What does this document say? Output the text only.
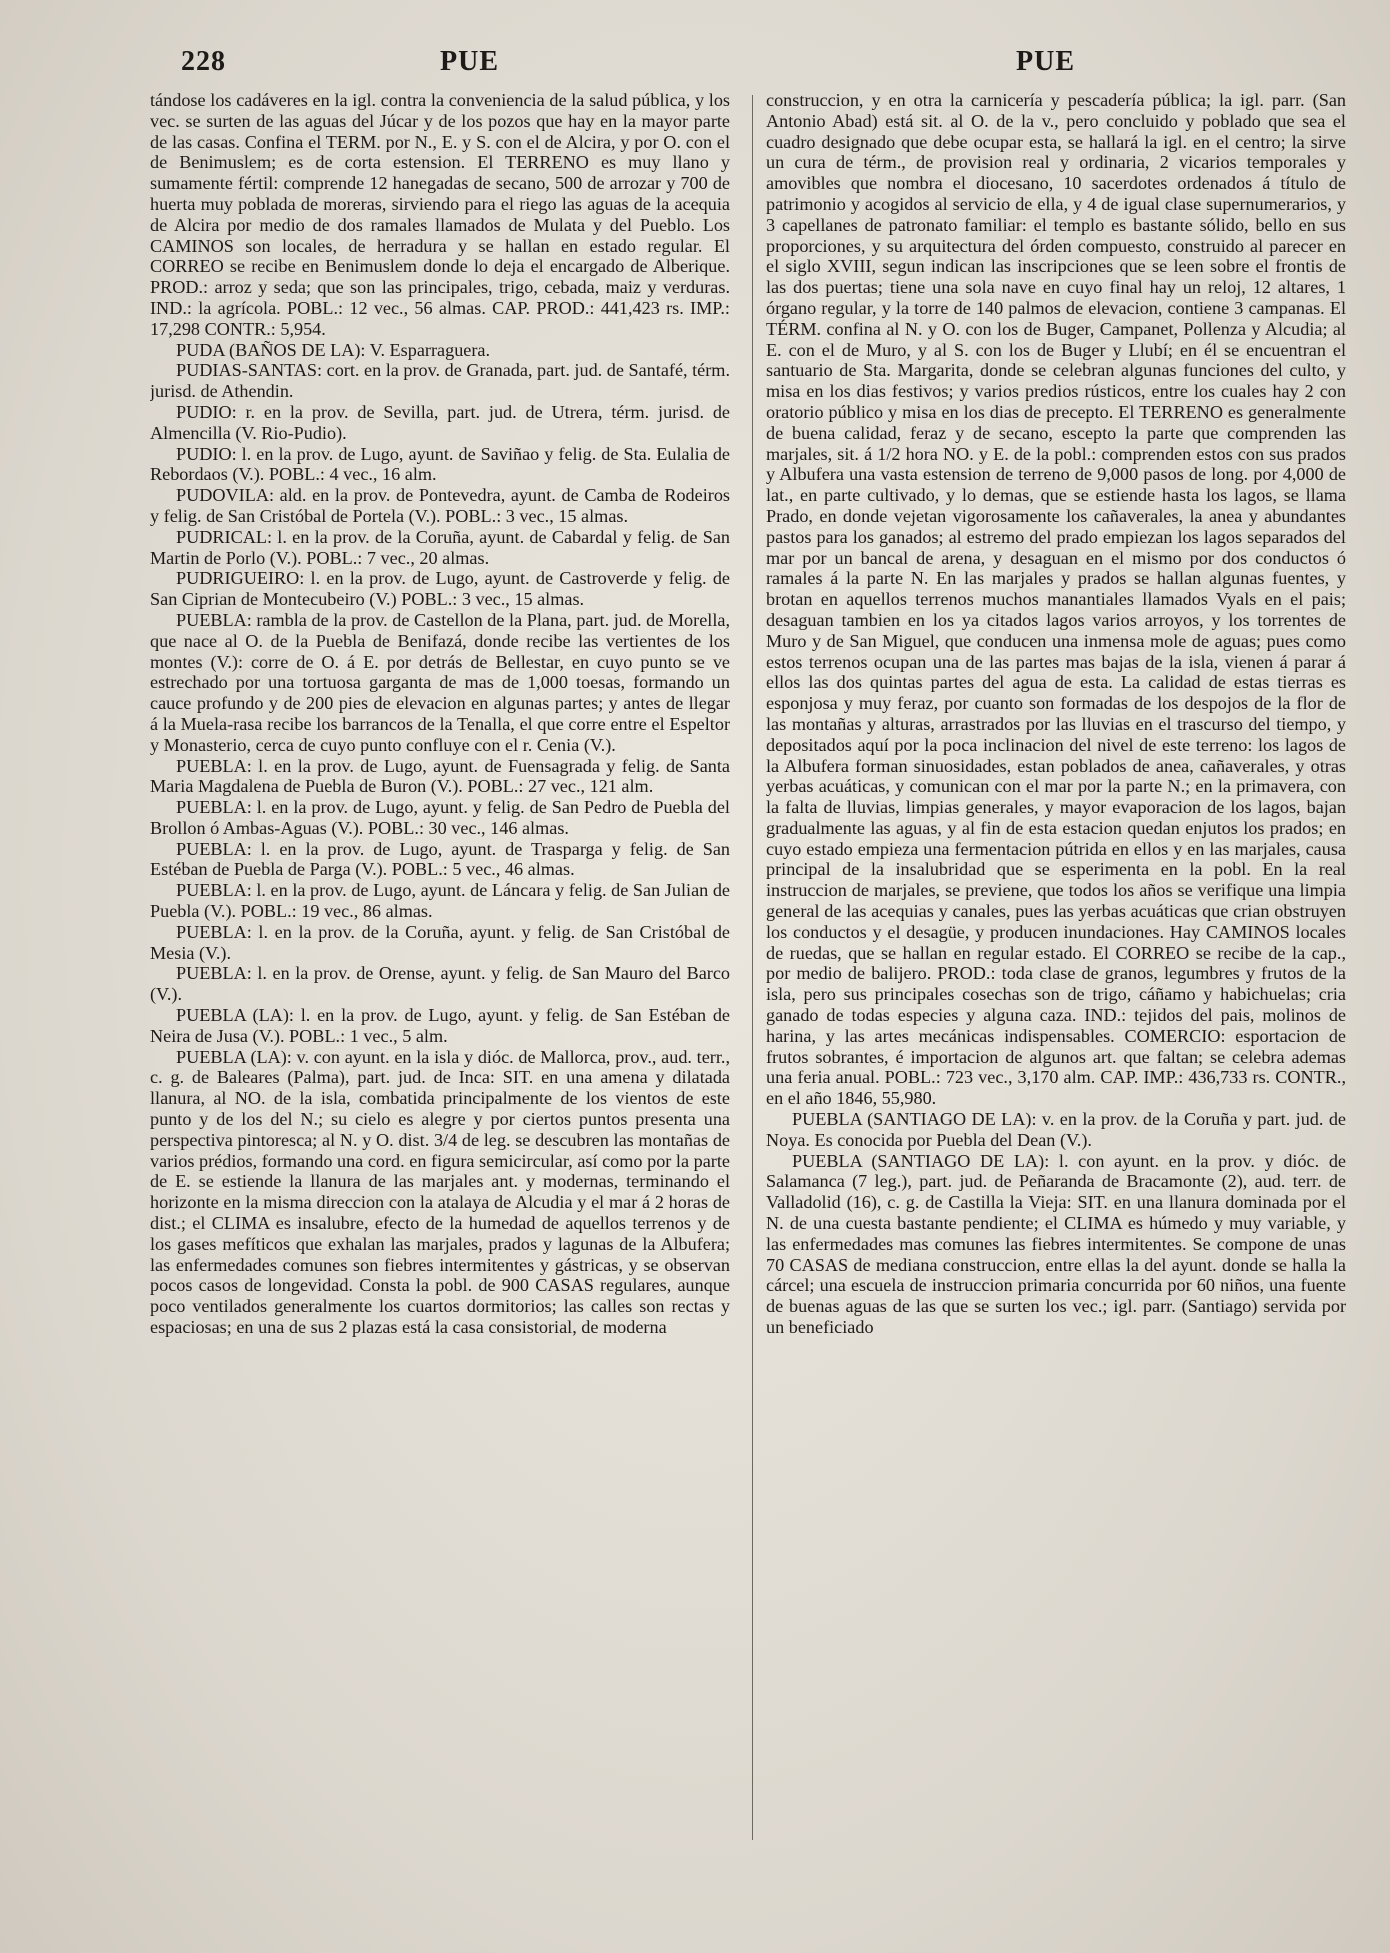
228	PUE	PUE

tándose los cadáveres en la igl. contra la conveniencia de la salud pública, y los vec. se surten de las aguas del Júcar y de los pozos que hay en la mayor parte de las casas. Confina el TERM. por N., E. y S. con el de Alcira, y por O. con el de Benimuslem; es de corta estension. El TERRENO es muy llano y sumamente fértil: comprende 12 hanegadas de secano, 500 de arrozar y 700 de huerta muy poblada de moreras, sirviendo para el riego las aguas de la acequia de Alcira por medio de dos ramales llamados de Mulata y del Pueblo. Los CAMINOS son locales, de herradura y se hallan en estado regular. El CORREO se recibe en Benimuslem donde lo deja el encargado de Alberique. PROD.: arroz y seda; que son las principales, trigo, cebada, maiz y verduras. IND.: la agrícola. POBL.: 12 vec., 56 almas. CAP. PROD.: 441,423 rs. IMP.: 17,298 CONTR.: 5,954.

PUDA (BAÑOS DE LA): V. Esparraguera.

PUDIAS-SANTAS: cort. en la prov. de Granada, part. jud. de Santafé, térm. jurisd. de Athendin.

PUDIO: r. en la prov. de Sevilla, part. jud. de Utrera, térm. jurisd. de Almencilla (V. Rio-Pudio).

PUDIO: l. en la prov. de Lugo, ayunt. de Saviñao y felig. de Sta. Eulalia de Rebordaos (V.). POBL.: 4 vec., 16 alm.

PUDOVILA: ald. en la prov. de Pontevedra, ayunt. de Camba de Rodeiros y felig. de San Cristóbal de Portela (V.). POBL.: 3 vec., 15 almas.

PUDRICAL: l. en la prov. de la Coruña, ayunt. de Cabardal y felig. de San Martin de Porlo (V.). POBL.: 7 vec., 20 almas.

PUDRIGUEIRO: l. en la prov. de Lugo, ayunt. de Castroverde y felig. de San Ciprian de Montecubeiro (V.) POBL.: 3 vec., 15 almas.

PUEBLA: rambla de la prov. de Castellon de la Plana, part. jud. de Morella, que nace al O. de la Puebla de Benifazá, donde recibe las vertientes de los montes (V.): corre de O. á E. por detrás de Bellestar, en cuyo punto se ve estrechado por una tortuosa garganta de mas de 1,000 toesas, formando un cauce profundo y de 200 pies de elevacion en algunas partes; y antes de llegar á la Muela-rasa recibe los barrancos de la Tenalla, el que corre entre el Espeltor y Monasterio, cerca de cuyo punto confluye con el r. Cenia (V.).

PUEBLA: l. en la prov. de Lugo, ayunt. de Fuensagrada y felig. de Santa Maria Magdalena de Puebla de Buron (V.). POBL.: 27 vec., 121 alm.

PUEBLA: l. en la prov. de Lugo, ayunt. y felig. de San Pedro de Puebla del Brollon ó Ambas-Aguas (V.). POBL.: 30 vec., 146 almas.

PUEBLA: l. en la prov. de Lugo, ayunt. de Trasparga y felig. de San Estéban de Puebla de Parga (V.). POBL.: 5 vec., 46 almas.

PUEBLA: l. en la prov. de Lugo, ayunt. de Láncara y felig. de San Julian de Puebla (V.). POBL.: 19 vec., 86 almas.

PUEBLA: l. en la prov. de la Coruña, ayunt. y felig. de San Cristóbal de Mesia (V.).

PUEBLA: l. en la prov. de Orense, ayunt. y felig. de San Mauro del Barco (V.).

PUEBLA (LA): l. en la prov. de Lugo, ayunt. y felig. de San Estéban de Neira de Jusa (V.). POBL.: 1 vec., 5 alm.

PUEBLA (LA): v. con ayunt. en la isla y dióc. de Mallorca, prov., aud. terr., c. g. de Baleares (Palma), part. jud. de Inca: SIT. en una amena y dilatada llanura, al NO. de la isla, combatida principalmente de los vientos de este punto y de los del N.; su cielo es alegre y por ciertos puntos presenta una perspectiva pintoresca; al N. y O. dist. 3/4 de leg. se descubren las montañas de varios prédios, formando una cord. en figura semicircular, así como por la parte de E. se estiende la llanura de las marjales ant. y modernas, terminando el horizonte en la misma direccion con la atalaya de Alcudia y el mar á 2 horas de dist.; el CLIMA es insalubre, efecto de la humedad de aquellos terrenos y de los gases mefíticos que exhalan las marjales, prados y lagunas de la Albufera; las enfermedades comunes son fiebres intermitentes y gástricas, y se observan pocos casos de longevidad. Consta la pobl. de 900 CASAS regulares, aunque poco ventilados generalmente los cuartos dormitorios; las calles son rectas y espaciosas; en una de sus 2 plazas está la casa consistorial, de moderna

construccion, y en otra la carnicería y pescadería pública; la igl. parr. (San Antonio Abad) está sit. al O. de la v., pero concluido y poblado que sea el cuadro designado que debe ocupar esta, se hallará la igl. en el centro; la sirve un cura de térm., de provision real y ordinaria, 2 vicarios temporales y amovibles que nombra el diocesano, 10 sacerdotes ordenados á título de patrimonio y acogidos al servicio de ella, y 4 de igual clase supernumerarios, y 3 capellanes de patronato familiar: el templo es bastante sólido, bello en sus proporciones, y su arquitectura del órden compuesto, construido al parecer en el siglo XVIII, segun indican las inscripciones que se leen sobre el frontis de las dos puertas; tiene una sola nave en cuyo final hay un reloj, 12 altares, 1 órgano regular, y la torre de 140 palmos de elevacion, contiene 3 campanas. El TÉRM. confina al N. y O. con los de Buger, Campanet, Pollenza y Alcudia; al E. con el de Muro, y al S. con los de Buger y Llubí; en él se encuentran el santuario de Sta. Margarita, donde se celebran algunas funciones del culto, y misa en los dias festivos; y varios predios rústicos, entre los cuales hay 2 con oratorio público y misa en los dias de precepto. El TERRENO es generalmente de buena calidad, feraz y de secano, escepto la parte que comprenden las marjales, sit. á 1/2 hora NO. y E. de la pobl.: comprenden estos con sus prados y Albufera una vasta estension de terreno de 9,000 pasos de long. por 4,000 de lat., en parte cultivado, y lo demas, que se estiende hasta los lagos, se llama Prado, en donde vejetan vigorosamente los cañaverales, la anea y abundantes pastos para los ganados; al estremo del prado empiezan los lagos separados del mar por un bancal de arena, y desaguan en el mismo por dos conductos ó ramales á la parte N. En las marjales y prados se hallan algunas fuentes, y brotan en aquellos terrenos muchos manantiales llamados Vyals en el pais; desaguan tambien en los ya citados lagos varios arroyos, y los torrentes de Muro y de San Miguel, que conducen una inmensa mole de aguas; pues como estos terrenos ocupan una de las partes mas bajas de la isla, vienen á parar á ellos las dos quintas partes del agua de esta. La calidad de estas tierras es esponjosa y muy feraz, por cuanto son formadas de los despojos de la flor de las montañas y alturas, arrastrados por las lluvias en el trascurso del tiempo, y depositados aquí por la poca inclinacion del nivel de este terreno: los lagos de la Albufera forman sinuosidades, estan poblados de anea, cañaverales, y otras yerbas acuáticas, y comunican con el mar por la parte N.; en la primavera, con la falta de lluvias, limpias generales, y mayor evaporacion de los lagos, bajan gradualmente las aguas, y al fin de esta estacion quedan enjutos los prados; en cuyo estado empieza una fermentacion pútrida en ellos y en las marjales, causa principal de la insalubridad que se esperimenta en la pobl. En la real instruccion de marjales, se previene, que todos los años se verifique una limpia general de las acequias y canales, pues las yerbas acuáticas que crian obstruyen los conductos y el desagüe, y producen inundaciones. Hay CAMINOS locales de ruedas, que se hallan en regular estado. El CORREO se recibe de la cap., por medio de balijero. PROD.: toda clase de granos, legumbres y frutos de la isla, pero sus principales cosechas son de trigo, cáñamo y habichuelas; cria ganado de todas especies y alguna caza. IND.: tejidos del pais, molinos de harina, y las artes mecánicas indispensables. COMERCIO: esportacion de frutos sobrantes, é importacion de algunos art. que faltan; se celebra ademas una feria anual. POBL.: 723 vec., 3,170 alm. CAP. IMP.: 436,733 rs. CONTR., en el año 1846, 55,980.

PUEBLA (SANTIAGO DE LA): v. en la prov. de la Coruña y part. jud. de Noya. Es conocida por Puebla del Dean (V.).

PUEBLA (SANTIAGO DE LA): l. con ayunt. en la prov. y dióc. de Salamanca (7 leg.), part. jud. de Peñaranda de Bracamonte (2), aud. terr. de Valladolid (16), c. g. de Castilla la Vieja: SIT. en una llanura dominada por el N. de una cuesta bastante pendiente; el CLIMA es húmedo y muy variable, y las enfermedades mas comunes las fiebres intermitentes. Se compone de unas 70 CASAS de mediana construccion, entre ellas la del ayunt. donde se halla la cárcel; una escuela de instruccion primaria concurrida por 60 niños, una fuente de buenas aguas de las que se surten los vec.; igl. parr. (Santiago) servida por un beneficiado
